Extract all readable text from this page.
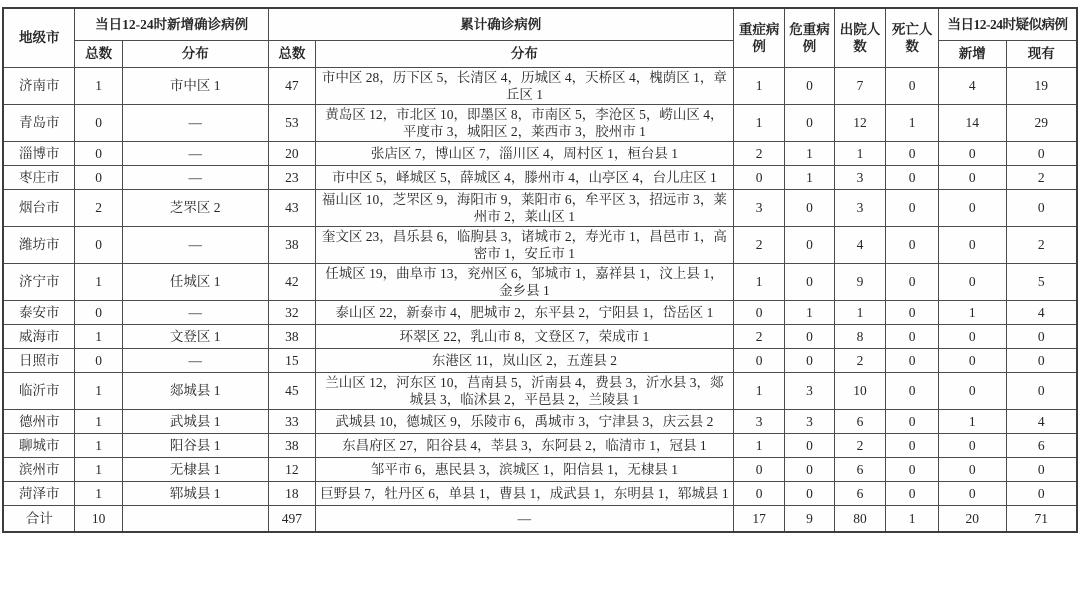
地级市	当日12-24时新增确诊病例		累计确诊病例		重症病例	危重病例	出院人数	死亡人数	当日12-24时疑似病例	
	总数	分布	总数	分布					新增	现有
济南市	1	市中区 1	47	市中区 28，历下区 5，长清区 4，历城区 4，天桥区 4，槐荫区 1，章丘区 1	1	0	7	0	4	19
青岛市	0	—	53	黄岛区 12，市北区 10，即墨区 8，市南区 5，李沧区 5，崂山区 4，平度市 3，城阳区 2，莱西市 3，胶州市 1	1	0	12	1	14	29
淄博市	0	—	20	张店区 7，博山区 7，淄川区 4，周村区 1，桓台县 1	2	1	1	0	0	0
枣庄市	0	—	23	市中区 5，峄城区 5，薛城区 4，滕州市 4，山亭区 4，台儿庄区 1	0	1	3	0	0	2
烟台市	2	芝罘区 2	43	福山区 10，芝罘区 9，海阳市 9，莱阳市 6，牟平区 3，招远市 3，莱州市 2，莱山区 1	3	0	3	0	0	0
潍坊市	0	—	38	奎文区 23，昌乐县 6，临朐县 3，诸城市 2，寿光市 1，昌邑市 1，高密市 1，安丘市 1	2	0	4	0	0	2
济宁市	1	任城区 1	42	任城区 19，曲阜市 13，兖州区 6，邹城市 1，嘉祥县 1，汶上县 1，金乡县 1	1	0	9	0	0	5
泰安市	0	—	32	泰山区 22，新泰市 4，肥城市 2，东平县 2，宁阳县 1，岱岳区 1	0	1	1	0	1	4
威海市	1	文登区 1	38	环翠区 22，乳山市 8，文登区 7，荣成市 1	2	0	8	0	0	0
日照市	0	—	15	东港区 11，岚山区 2，五莲县 2	0	0	2	0	0	0
临沂市	1	郯城县 1	45	兰山区 12，河东区 10，莒南县 5，沂南县 4，费县 3，沂水县 3，郯城县 3，临沭县 2，平邑县 2，兰陵县 1	1	3	10	0	0	0
德州市	1	武城县 1	33	武城县 10，德城区 9，乐陵市 6，禹城市 3，宁津县 3，庆云县 2	3	3	6	0	1	4
聊城市	1	阳谷县 1	38	东昌府区 27，阳谷县 4，莘县 3，东阿县 2，临清市 1，冠县 1	1	0	2	0	0	6
滨州市	1	无棣县 1	12	邹平市 6，惠民县 3，滨城区 1，阳信县 1，无棣县 1	0	0	6	0	0	0
菏泽市	1	郓城县 1	18	巨野县 7，牡丹区 6，单县 1，曹县 1，成武县 1，东明县 1，郓城县 1	0	0	6	0	0	0
合计	10		497	—	17	9	80	1	20	71
